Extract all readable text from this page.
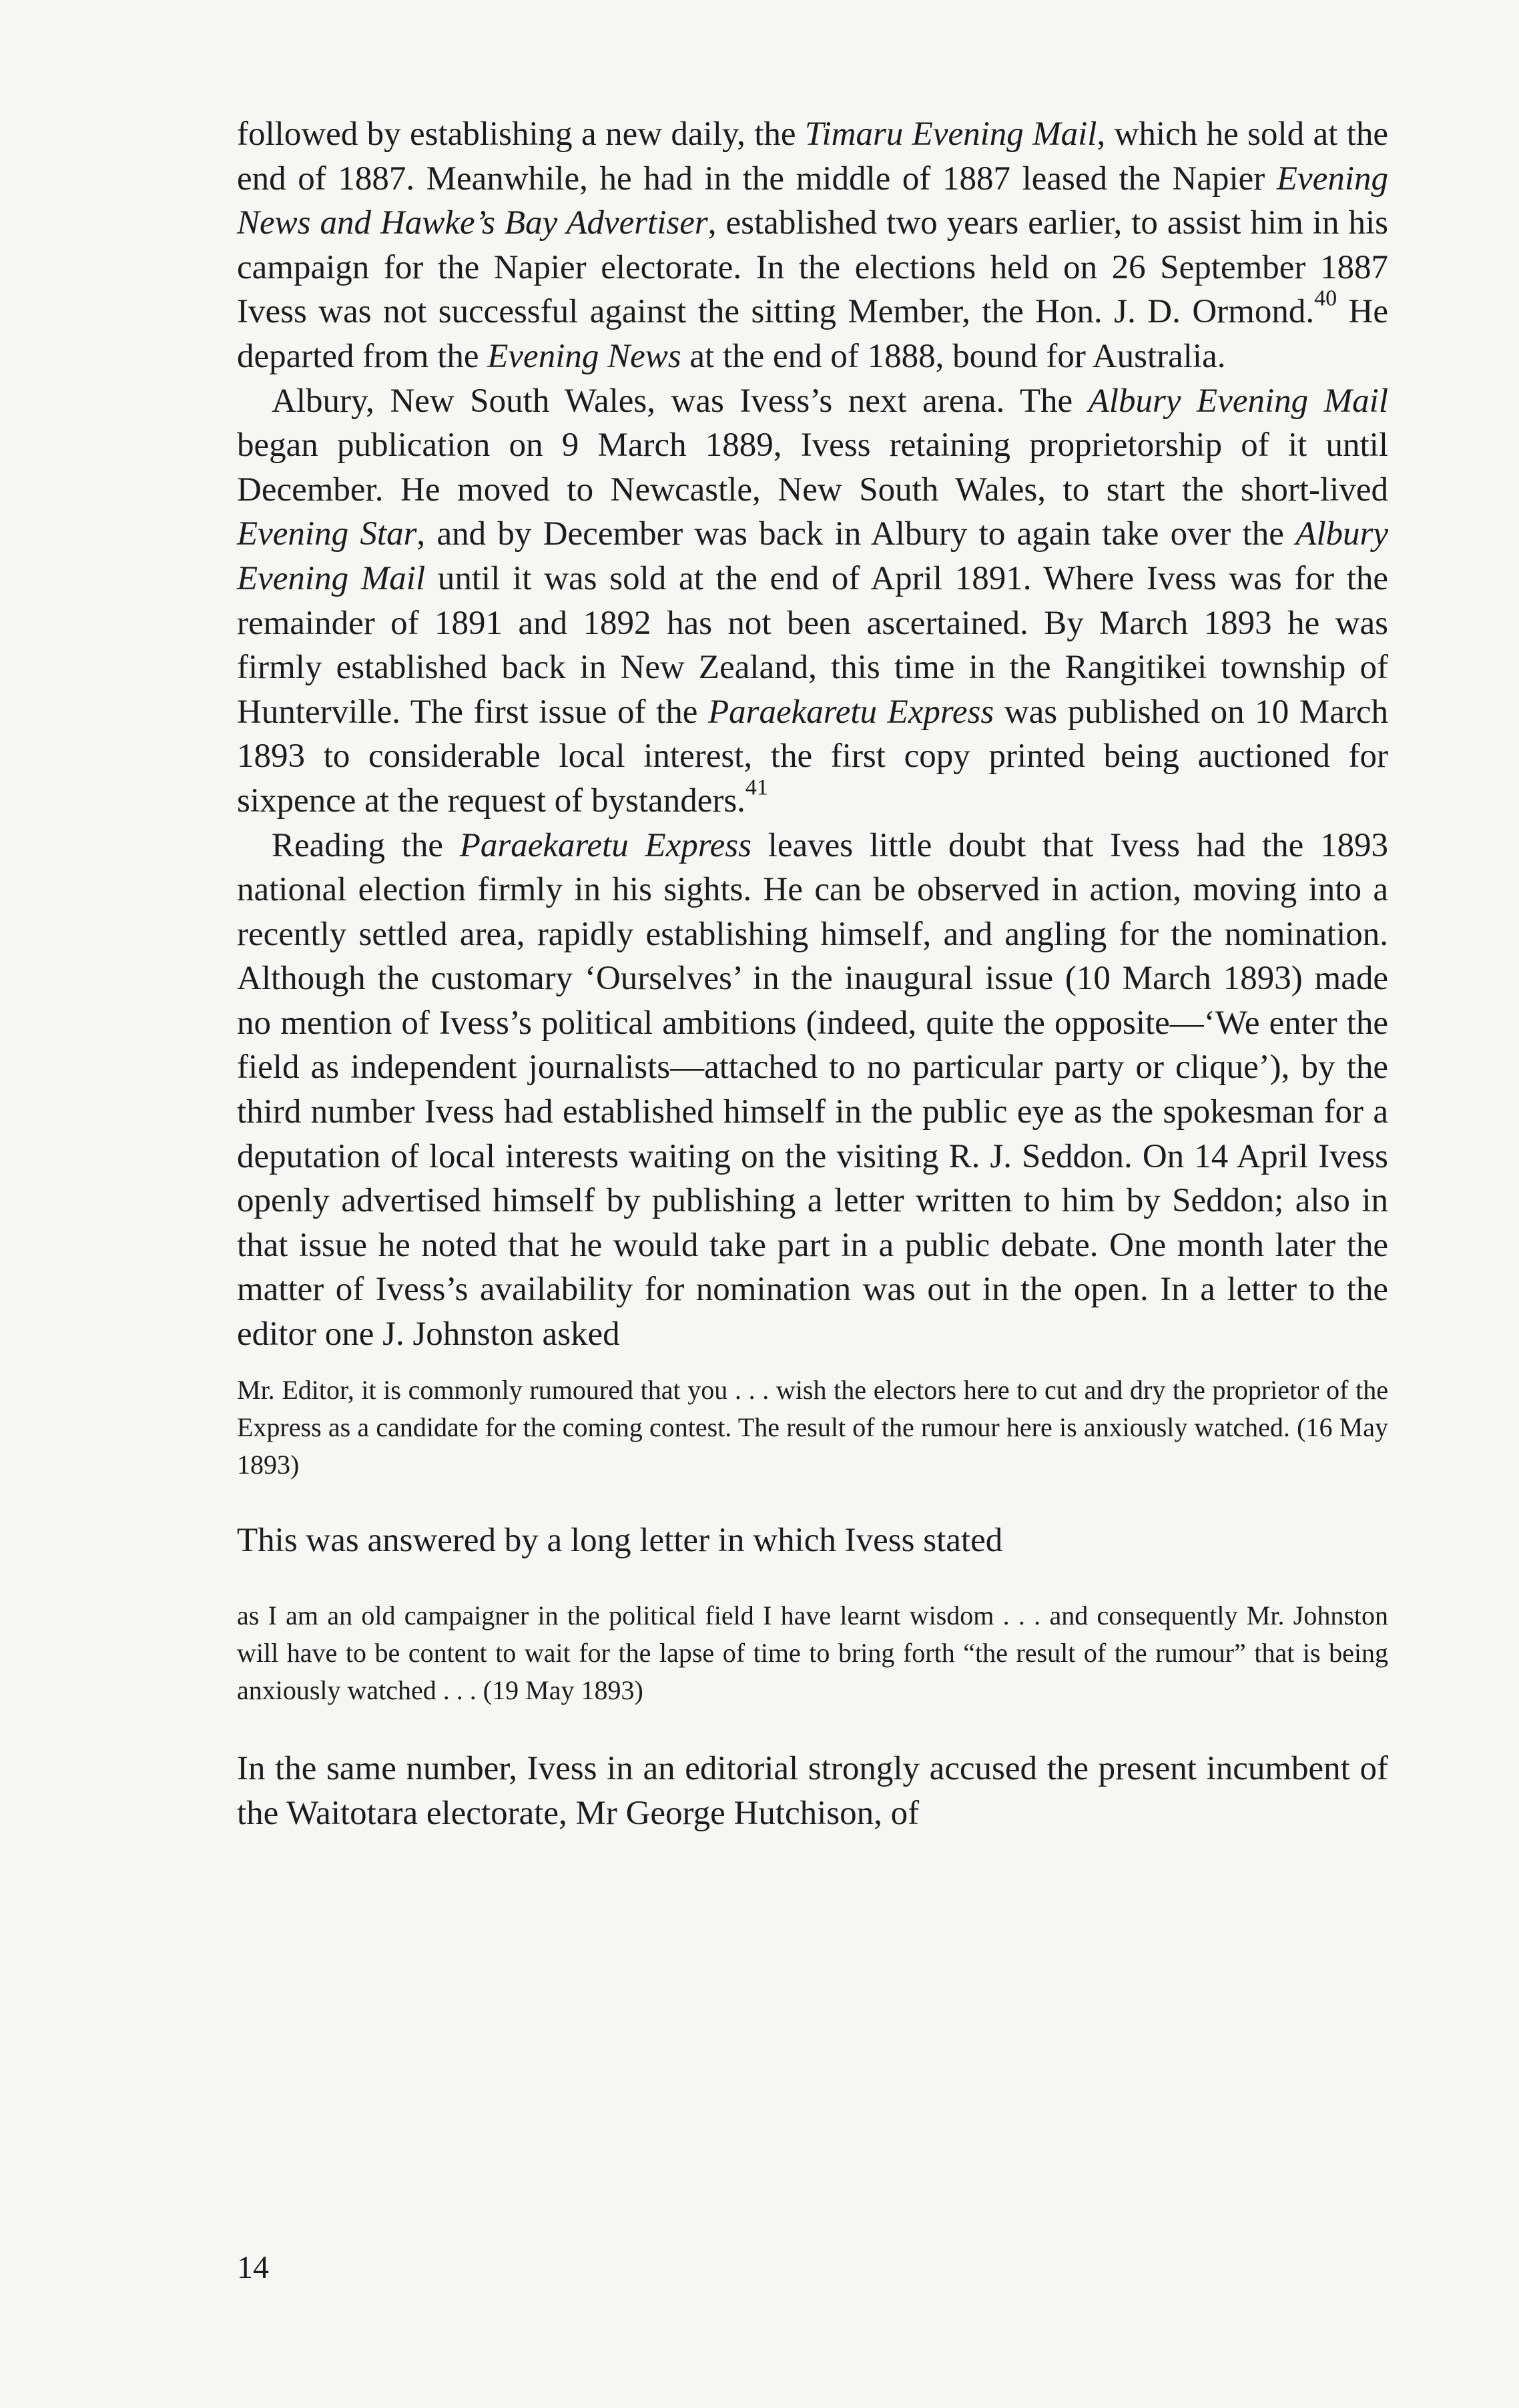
followed by establishing a new daily, the Timaru Evening Mail, which he sold at the end of 1887. Meanwhile, he had in the middle of 1887 leased the Napier Evening News and Hawke’s Bay Advertiser, established two years earlier, to assist him in his campaign for the Napier electorate. In the elections held on 26 September 1887 Ivess was not successful against the sitting Member, the Hon. J. D. Ormond.$^{40}$ He departed from the Evening News at the end of 1888, bound for Australia.

Albury, New South Wales, was Ivess’s next arena. The Albury Evening Mail began publication on 9 March 1889, Ivess retaining proprietorship of it until December. He moved to Newcastle, New South Wales, to start the short-lived Evening Star, and by December was back in Albury to again take over the Albury Evening Mail until it was sold at the end of April 1891. Where Ivess was for the remainder of 1891 and 1892 has not been ascertained. By March 1893 he was firmly established back in New Zealand, this time in the Rangitikei township of Hunterville. The first issue of the Paraekaretu Express was published on 10 March 1893 to considerable local interest, the first copy printed being auctioned for sixpence at the request of bystanders.$^{41}$

Reading the Paraekaretu Express leaves little doubt that Ivess had the 1893 national election firmly in his sights. He can be observed in action, moving into a recently settled area, rapidly establishing himself, and angling for the nomination. Although the customary ‘Ourselves’ in the inaugural issue (10 March 1893) made no mention of Ivess’s political ambitions (indeed, quite the opposite—‘We enter the field as independent journalists—attached to no particular party or clique’), by the third number Ivess had established himself in the public eye as the spokesman for a deputation of local interests waiting on the visiting R. J. Seddon. On 14 April Ivess openly advertised himself by publishing a letter written to him by Seddon; also in that issue he noted that he would take part in a public debate. One month later the matter of Ivess’s availability for nomination was out in the open. In a letter to the editor one J. Johnston asked

Mr. Editor, it is commonly rumoured that you . . . wish the electors here to cut and dry the proprietor of the Express as a candidate for the coming contest. The result of the rumour here is anxiously watched. (16 May 1893)

This was answered by a long letter in which Ivess stated

as I am an old campaigner in the political field I have learnt wisdom . . . and consequently Mr. Johnston will have to be content to wait for the lapse of time to bring forth “the result of the rumour” that is being anxiously watched . . . (19 May 1893)

In the same number, Ivess in an editorial strongly accused the present incumbent of the Waitotara electorate, Mr George Hutchison, of

14
